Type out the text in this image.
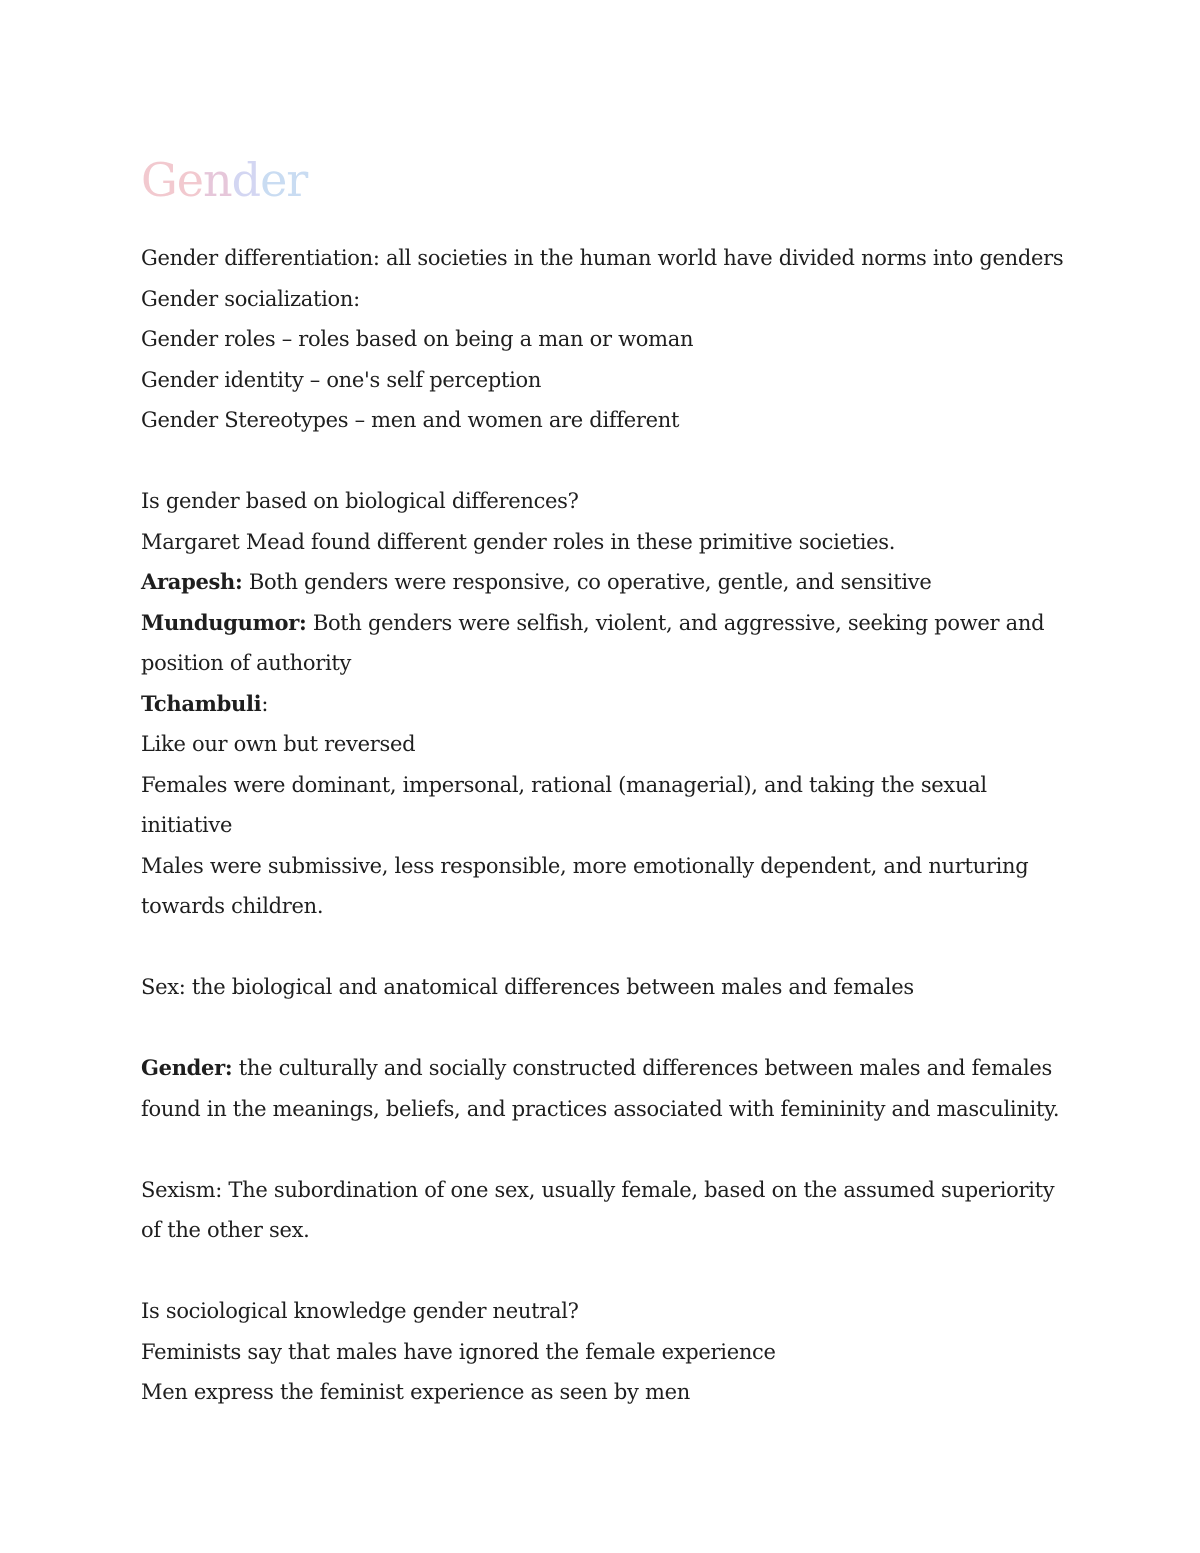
Gender
Gender differentiation: all societies in the human world have divided norms into genders
Gender socialization:
Gender roles – roles based on being a man or woman
Gender identity – one's self perception
Gender Stereotypes – men and women are different
Is gender based on biological differences?
Margaret Mead found different gender roles in these primitive societies.
Arapesh: Both genders were responsive, co operative, gentle, and sensitive
Mundugumor: Both genders were selfish, violent, and aggressive, seeking power and
position of authority
Tchambuli:
Like our own but reversed
Females were dominant, impersonal, rational (managerial), and taking the sexual
initiative
Males were submissive, less responsible, more emotionally dependent, and nurturing
towards children.
Sex: the biological and anatomical differences between males and females
Gender: the culturally and socially constructed differences between males and females
found in the meanings, beliefs, and practices associated with femininity and masculinity.
Sexism: The subordination of one sex, usually female, based on the assumed superiority
of the other sex.
Is sociological knowledge gender neutral?
Feminists say that males have ignored the female experience
Men express the feminist experience as seen by men
